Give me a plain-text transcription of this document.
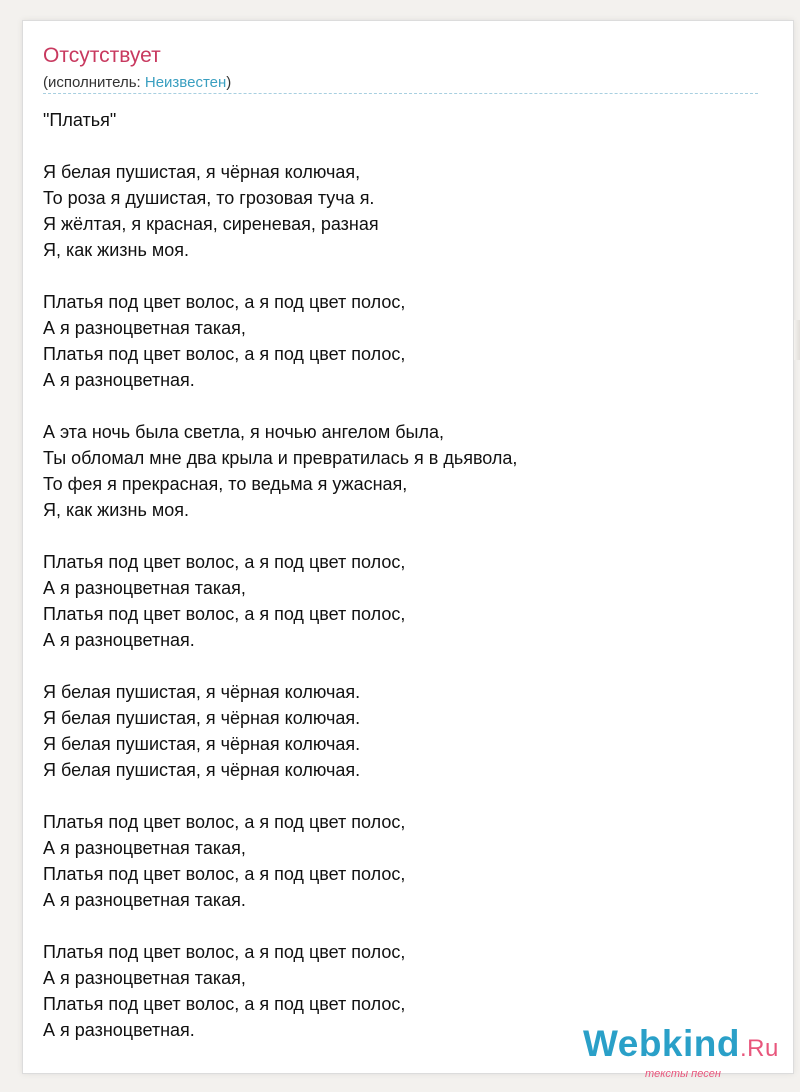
Отсутствует
(исполнитель: Неизвестен)
"Платья"
Я белая пушистая, я чёрная колючая,
То роза я душистая, то грозовая туча я.
Я жёлтая, я красная, сиреневая, разная
Я, как жизнь моя.
Платья под цвет волос, а я под цвет полос,
А я разноцветная такая,
Платья под цвет волос, а я под цвет полос,
А я разноцветная.
А эта ночь была светла, я ночью ангелом была,
Ты обломал мне два крыла и превратилась я в дьявола,
То фея я прекрасная, то ведьма я ужасная,
Я, как жизнь моя.
Платья под цвет волос, а я под цвет полос,
А я разноцветная такая,
Платья под цвет волос, а я под цвет полос,
А я разноцветная.
Я белая пушистая, я чёрная колючая.
Я белая пушистая, я чёрная колючая.
Я белая пушистая, я чёрная колючая.
Я белая пушистая, я чёрная колючая.
Платья под цвет волос, а я под цвет полос,
А я разноцветная такая,
Платья под цвет волос, а я под цвет полос,
А я разноцветная такая.
Платья под цвет волос, а я под цвет полос,
А я разноцветная такая,
Платья под цвет волос, а я под цвет полос,
А я разноцветная.	Webkind.Ru
тексты песен
